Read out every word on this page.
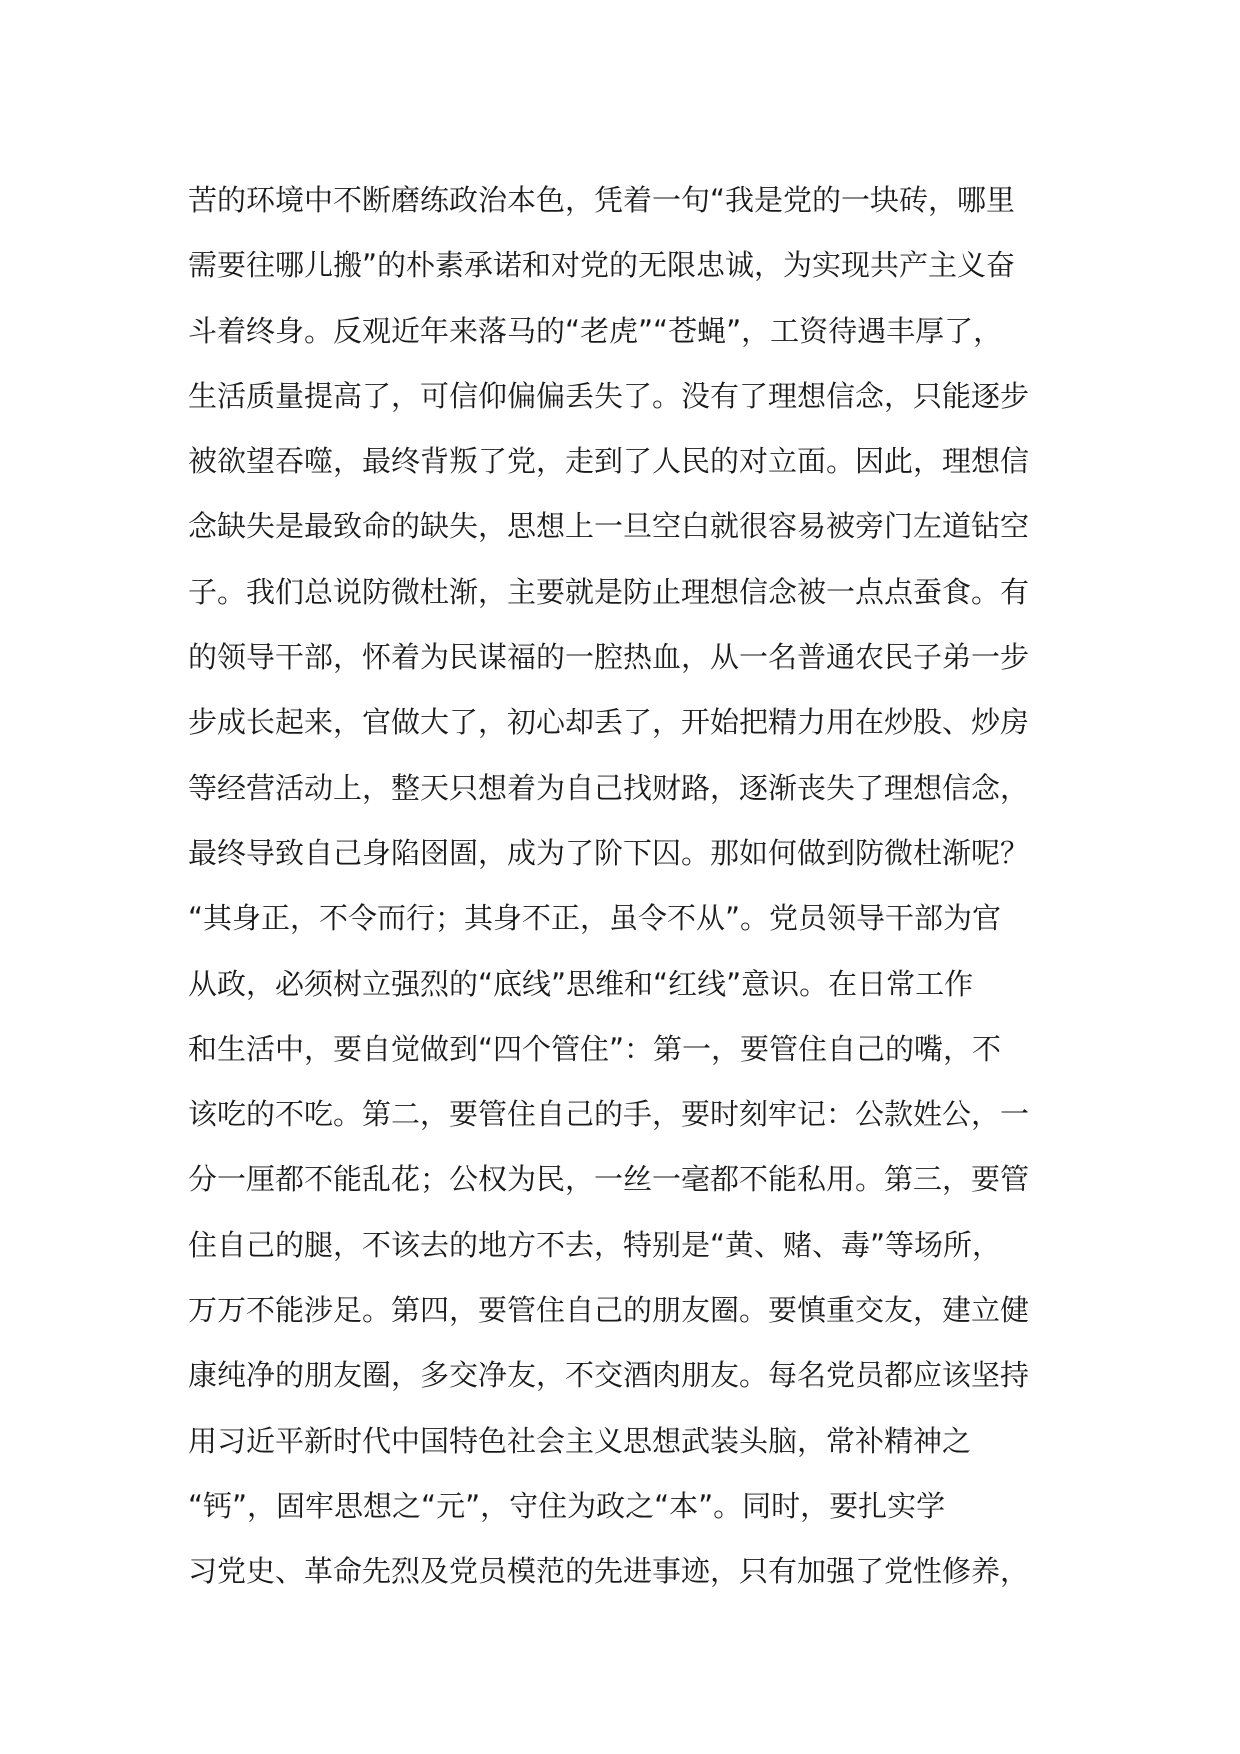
苦的环境中不断磨练政治本色，凭着一句“我是党的一块砖，哪里
需要往哪儿搬”的朴素承诺和对党的无限忠诚，为实现共产主义奋
斗着终身。反观近年来落马的“老虎”“苍蝇”，工资待遇丰厚了，
生活质量提高了，可信仰偏偏丢失了。没有了理想信念，只能逐步
被欲望吞噬，最终背叛了党，走到了人民的对立面。因此，理想信
念缺失是最致命的缺失，思想上一旦空白就很容易被旁门左道钻空
子。我们总说防微杜渐，主要就是防止理想信念被一点点蚕食。有
的领导干部，怀着为民谋福的一腔热血，从一名普通农民子弟一步
步成长起来，官做大了，初心却丢了，开始把精力用在炒股、炒房
等经营活动上，整天只想着为自己找财路，逐渐丧失了理想信念，
最终导致自己身陷囹圄，成为了阶下囚。那如何做到防微杜渐呢？
“其身正，不令而行；其身不正，虽令不从”。党员领导干部为官
从政，必须树立强烈的“底线”思维和“红线”意识。在日常工作
和生活中，要自觉做到“四个管住”：第一，要管住自己的嘴，不
该吃的不吃。第二，要管住自己的手，要时刻牢记：公款姓公，一
分一厘都不能乱花；公权为民，一丝一毫都不能私用。第三，要管
住自己的腿，不该去的地方不去，特别是“黄、赌、毒”等场所，
万万不能涉足。第四，要管住自己的朋友圈。要慎重交友，建立健
康纯净的朋友圈，多交净友，不交酒肉朋友。每名党员都应该坚持
用习近平新时代中国特色社会主义思想武装头脑，常补精神之
“钙”，固牢思想之“元”，守住为政之“本”。同时，要扎实学
习党史、革命先烈及党员模范的先进事迹，只有加强了党性修养，
